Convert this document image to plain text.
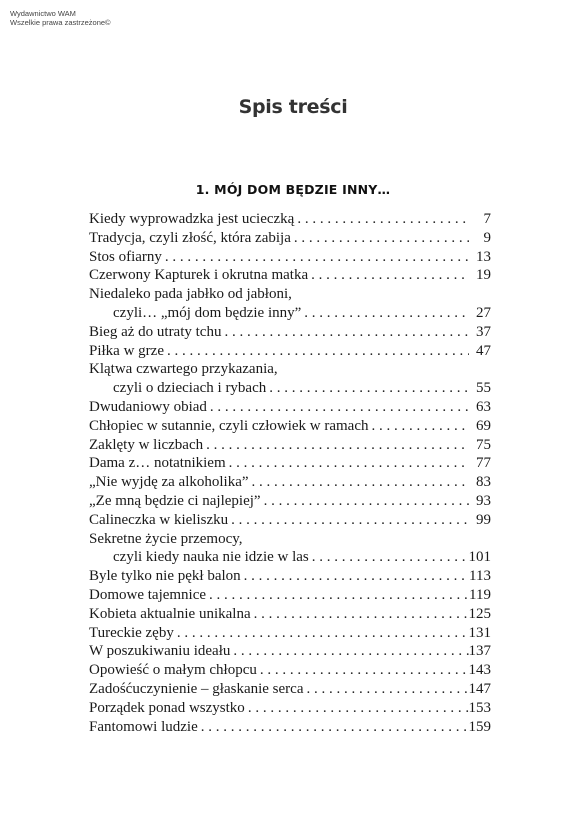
Wydawnictwo WAM
Wszelkie prawa zastrzeżone©
Spis treści
1. MÓJ DOM BĘDZIE INNY…
Kiedy wyprowadzka jest ucieczką . . .	7
Tradycja, czyli złość, która zabija . . .	9
Stos ofiarny . . .	13
Czerwony Kapturek i okrutna matka . . .	19
Niedaleko pada jabłko od jabłoni,
czyli… „mój dom będzie inny” . . .	27
Bieg aż do utraty tchu . . .	37
Piłka w grze . . .	47
Klątwa czwartego przykazania,
czyli o dzieciach i rybach . . .	55
Dwudaniowy obiad . . .	63
Chłopiec w sutannie, czyli człowiek w ramach . . .	69
Zaklęty w liczbach . . .	75
Dama z… notatnikiem . . .	77
„Nie wyjdę za alkoholika” . . .	83
„Ze mną będzie ci najlepiej” . . .	93
Calineczka w kieliszku . . .	99
Sekretne życie przemocy,
czyli kiedy nauka nie idzie w las . . .	101
Byle tylko nie pękł balon . . .	113
Domowe tajemnice . . .	119
Kobieta aktualnie unikalna . . .	125
Tureckie zęby . . .	131
W poszukiwaniu ideału . . .	137
Opowieść o małym chłopcu . . .	143
Zadośćuczynienie – głaskanie serca . . .	147
Porządek ponad wszystko . . .	153
Fantomowi ludzie . . .	159
